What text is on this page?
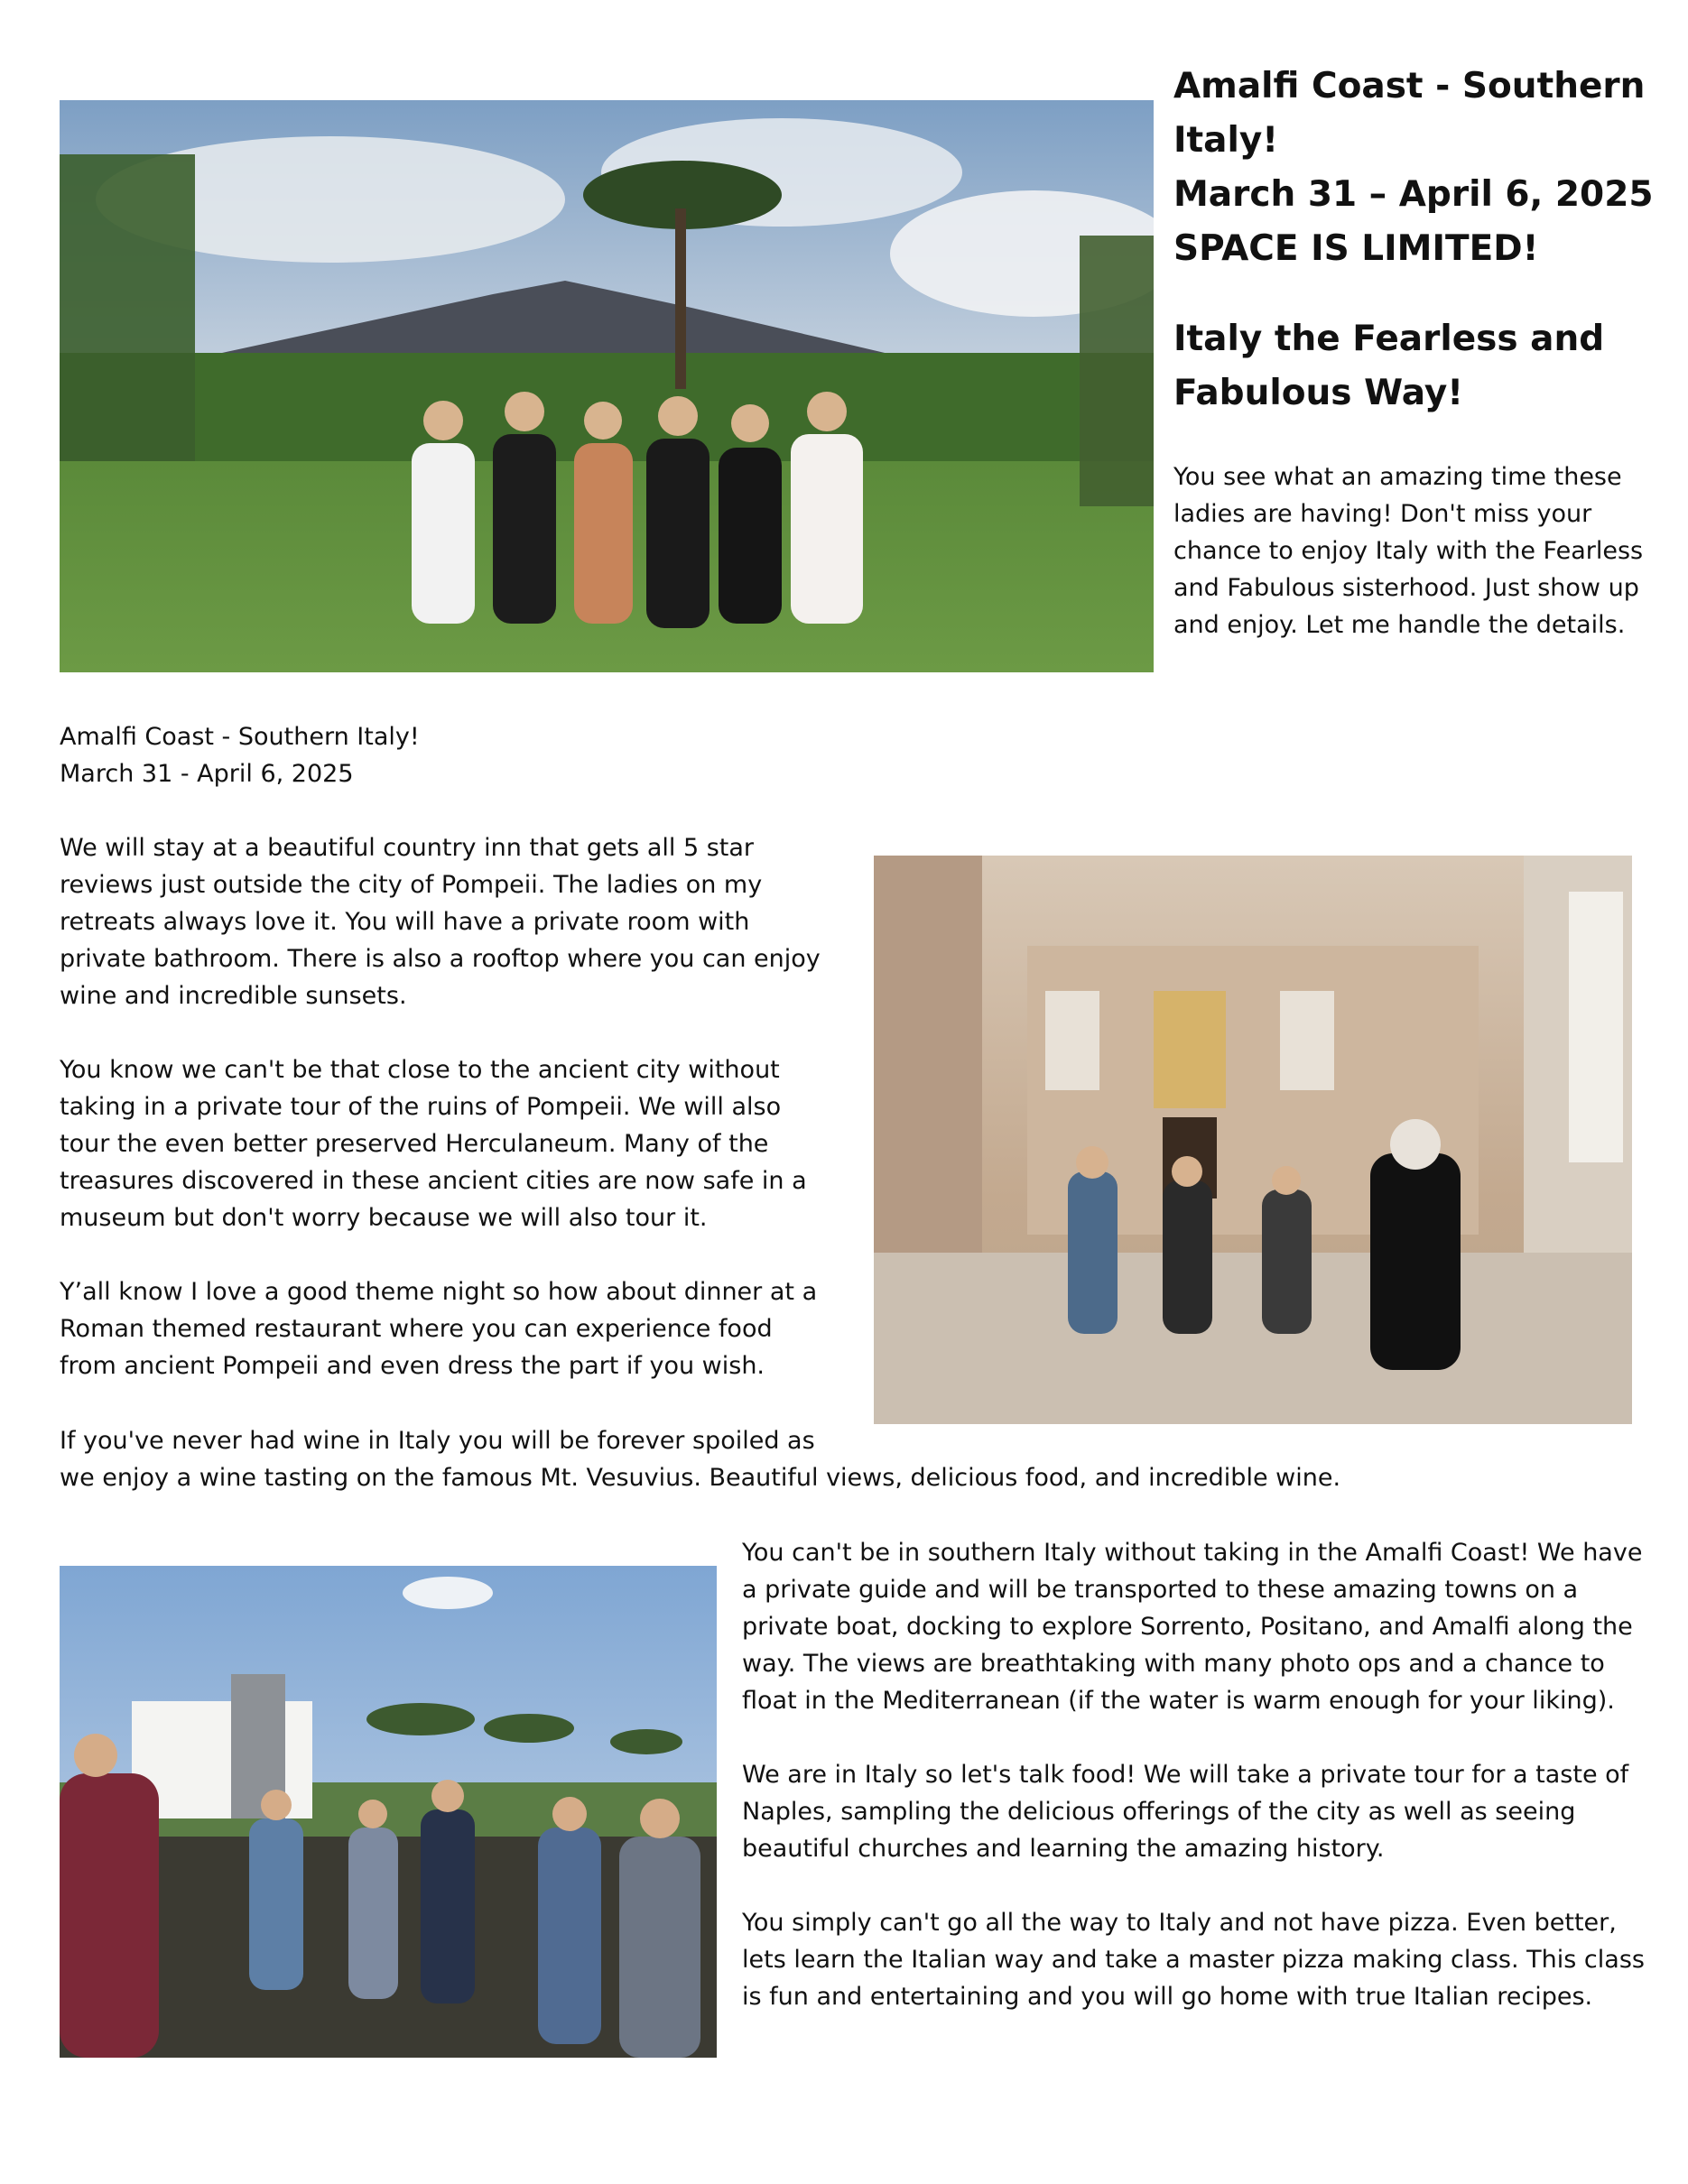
Amalfi Coast - Southern
Italy!
March 31 – April 6, 2025
SPACE IS LIMITED!
Italy the Fearless and
Fabulous Way!
You see what an amazing time these ladies are having! Don't miss your chance to enjoy Italy with the Fearless and Fabulous sisterhood. Just show up and enjoy. Let me handle the details.
Amalfi Coast - Southern Italy!
March 31 - April 6, 2025

We will stay at a beautiful country inn that gets all 5 star reviews just outside the city of Pompeii. The ladies on my retreats always love it. You will have a private room with private bathroom. There is also a rooftop where you can enjoy wine and incredible sunsets.

You know we can't be that close to the ancient city without taking in a private tour of the ruins of Pompeii. We will also tour the even better preserved Herculaneum. Many of the treasures discovered in these ancient cities are now safe in a museum but don't worry because we will also tour it.

Y’all know I love a good theme night so how about dinner at a Roman themed restaurant where you can experience food from ancient Pompeii and even dress the part if you wish.

If you've never had wine in Italy you will be forever spoiled as
we enjoy a wine tasting on the famous Mt. Vesuvius. Beautiful views, delicious food, and incredible wine.

You can't be in southern Italy without taking in the Amalfi Coast! We have a private guide and will be transported to these amazing towns on a private boat, docking to explore Sorrento, Positano, and Amalfi along the way. The views are breathtaking with many photo ops and a chance to float in the Mediterranean (if the water is warm enough for your liking).

We are in Italy so let's talk food! We will take a private tour for a taste of Naples, sampling the delicious offerings of the city as well as seeing beautiful churches and learning the amazing history.

You simply can't go all the way to Italy and not have pizza. Even better, lets learn the Italian way and take a master pizza making class. This class is fun and entertaining and you will go home with true Italian recipes.
